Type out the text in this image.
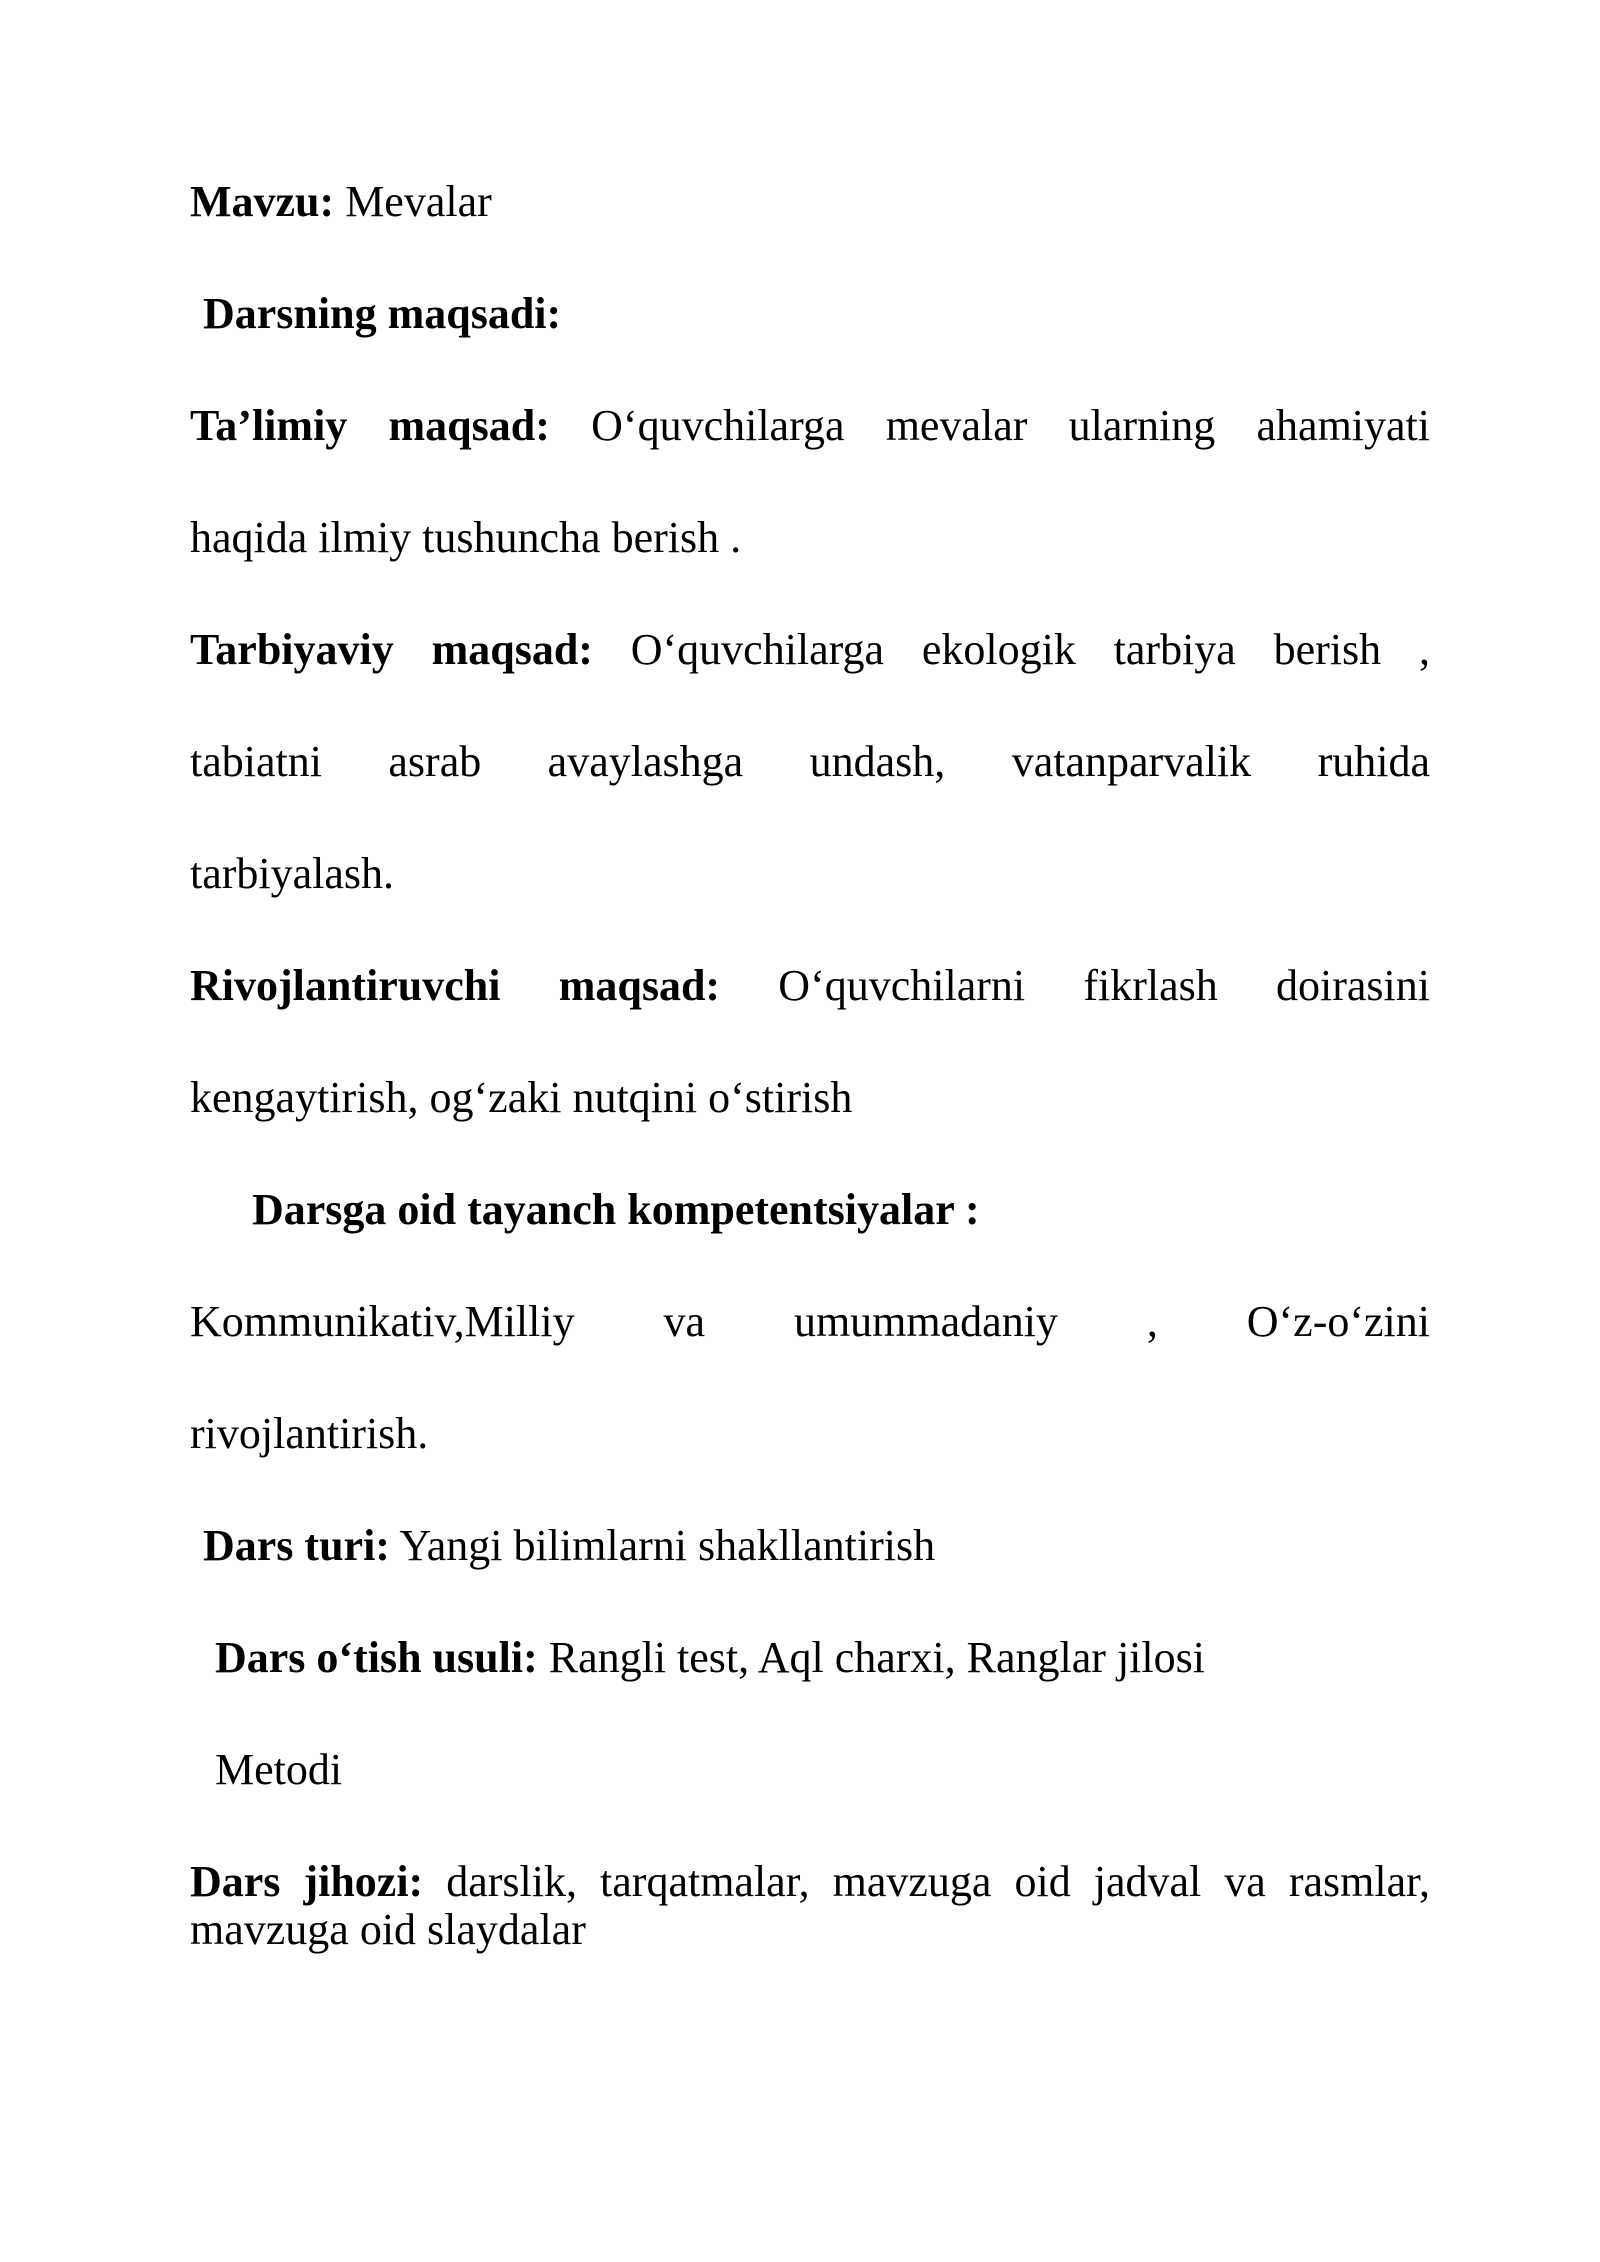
Mavzu: Mevalar
Darsning maqsadi:
Ta’limiy maqsad: O‘quvchilarga mevalar ularning ahamiyati
haqida ilmiy tushuncha berish .
Tarbiyaviy maqsad: O‘quvchilarga ekologik tarbiya berish ,
tabiatni asrab avaylashga undash, vatanparvalik ruhida
tarbiyalash.
Rivojlantiruvchi maqsad: O‘quvchilarni fikrlash doirasini
kengaytirish, og‘zaki nutqini o‘stirish
Darsga oid tayanch kompetentsiyalar :
Kommunikativ,Milliy va umummadaniy , O‘z-o‘zini
rivojlantirish.
Dars turi: Yangi bilimlarni shakllantirish
Dars o‘tish usuli: Rangli test, Aql charxi, Ranglar jilosi
Metodi
Dars jihozi: darslik, tarqatmalar, mavzuga oid jadval va rasmlar, mavzuga oid slaydalar
